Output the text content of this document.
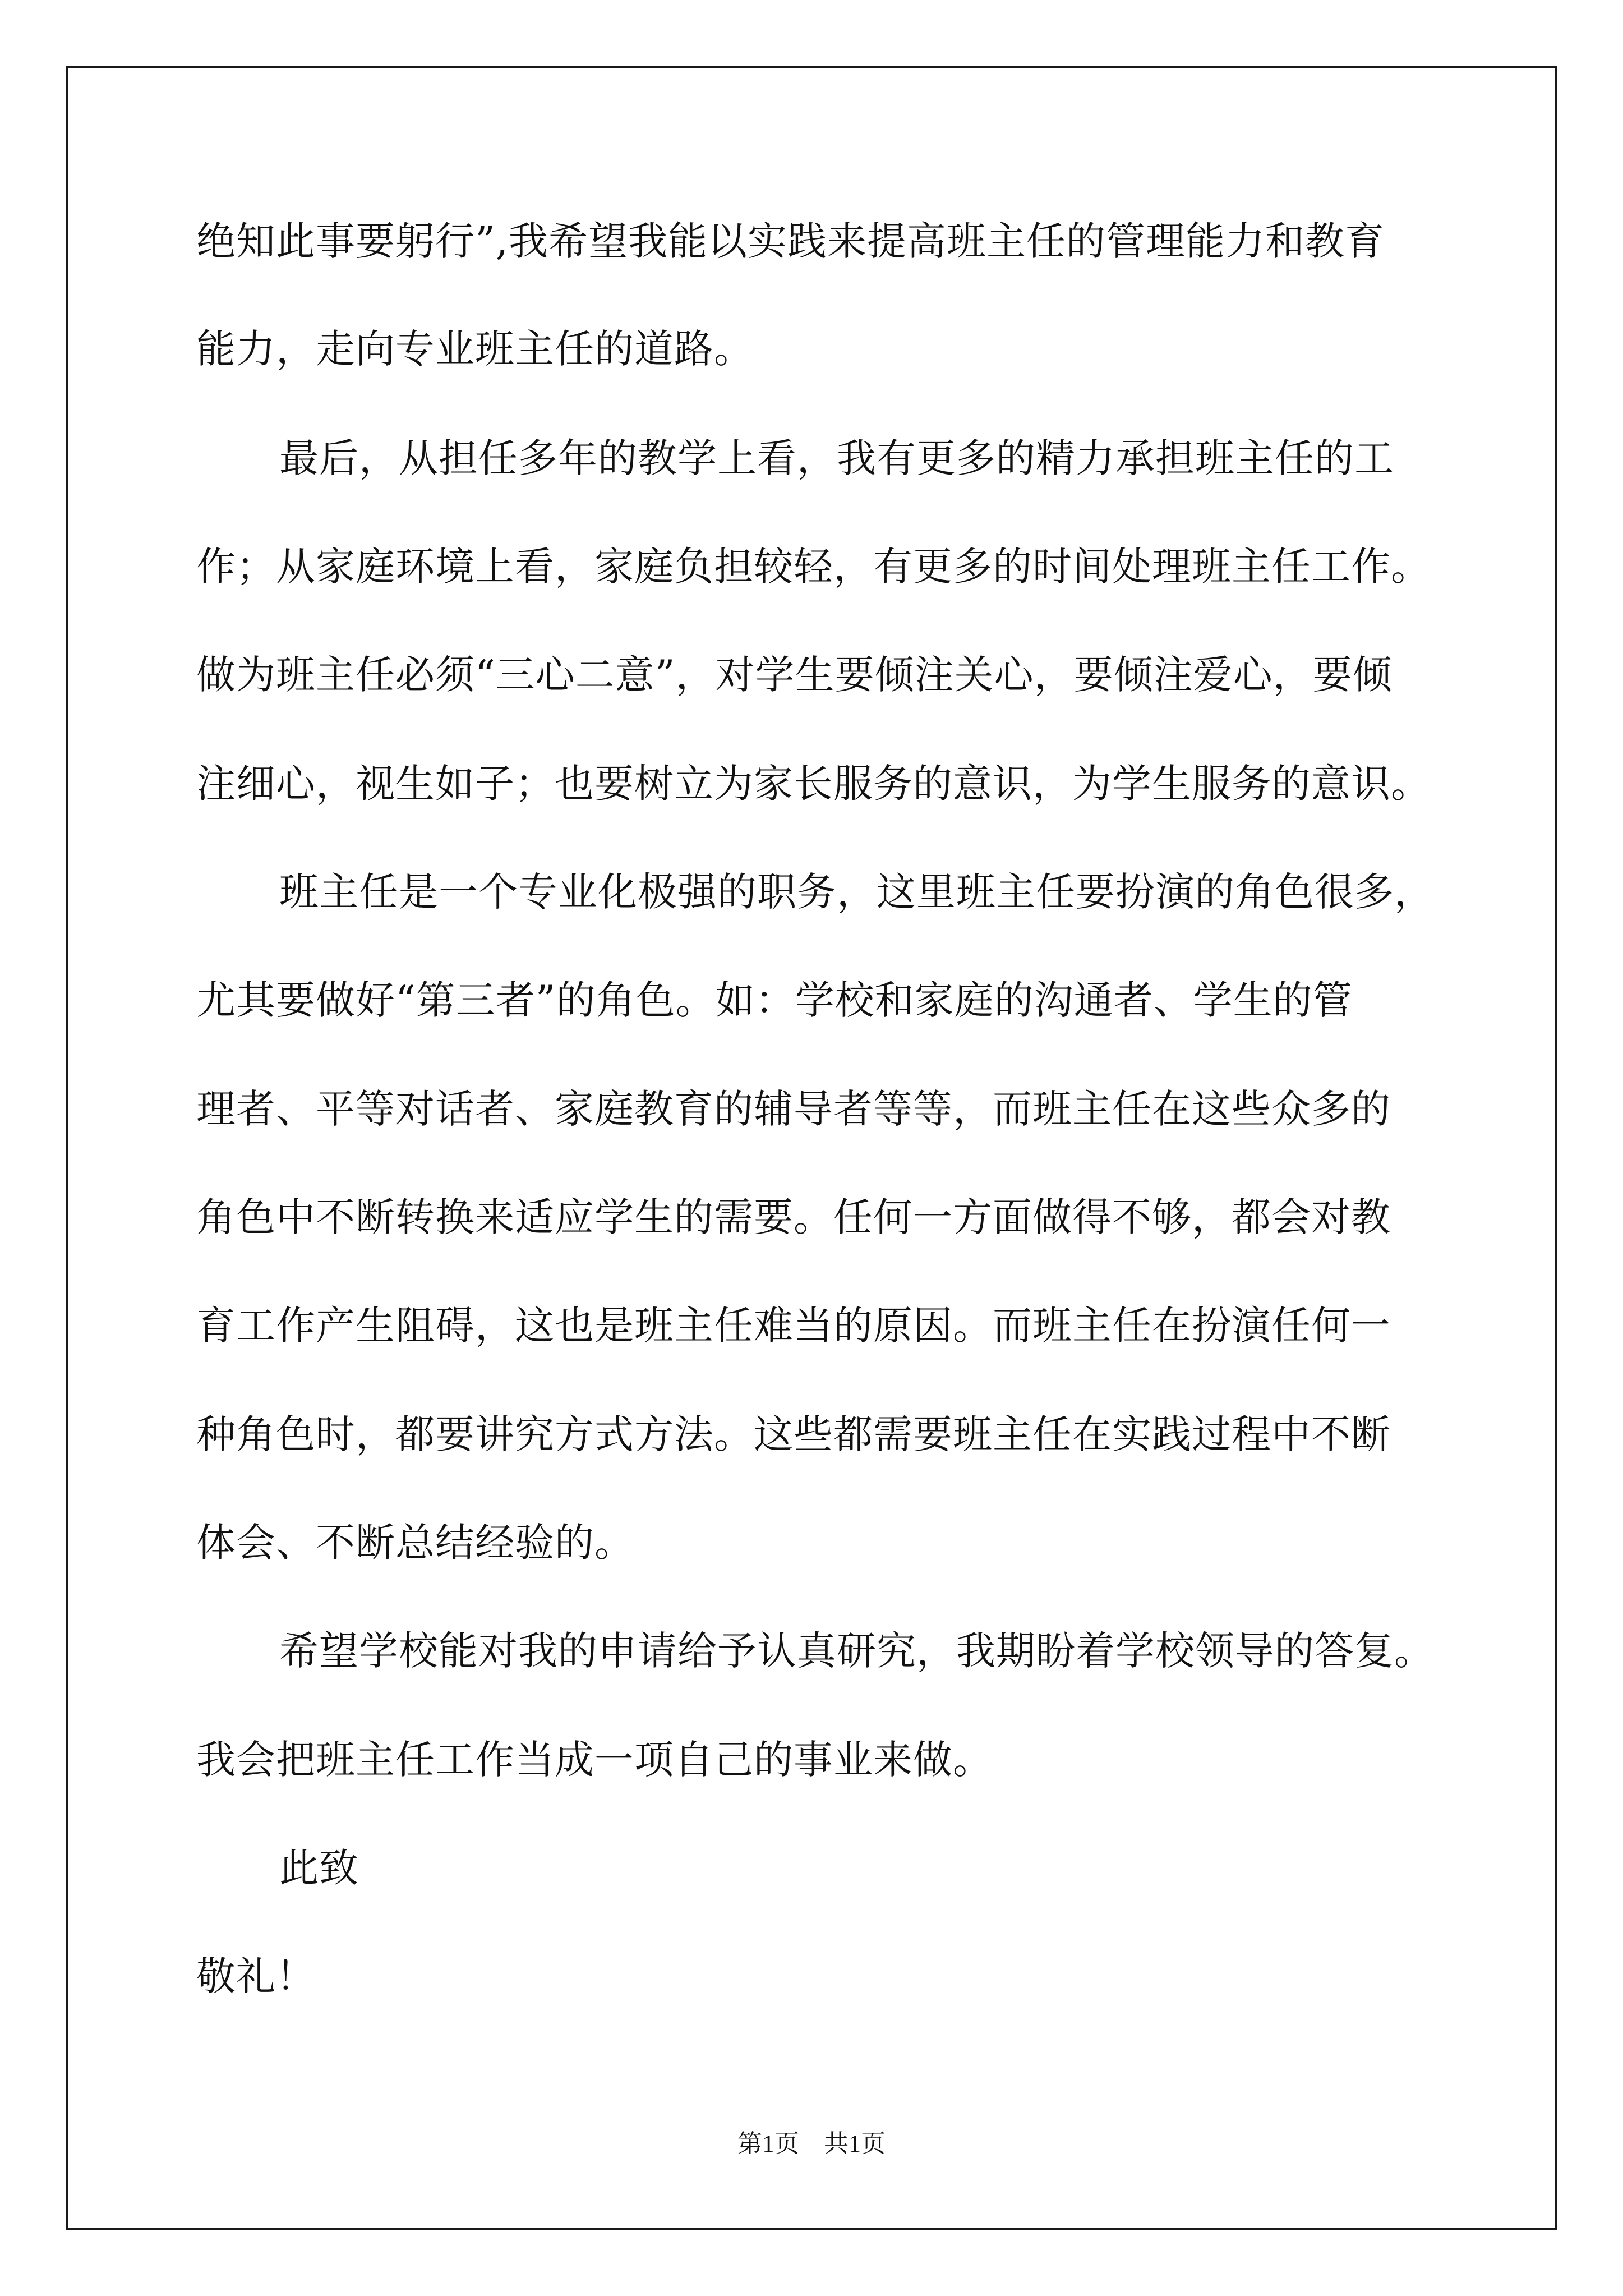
绝知此事要躬行”,我希望我能以实践来提高班主任的管理能力和教育
能力，走向专业班主任的道路。
最后，从担任多年的教学上看，我有更多的精力承担班主任的工
作；从家庭环境上看，家庭负担较轻，有更多的时间处理班主任工作。
做为班主任必须“三心二意”，对学生要倾注关心，要倾注爱心，要倾
注细心，视生如子；也要树立为家长服务的意识，为学生服务的意识。
班主任是一个专业化极强的职务，这里班主任要扮演的角色很多，
尤其要做好“第三者”的角色。如：学校和家庭的沟通者、学生的管
理者、平等对话者、家庭教育的辅导者等等，而班主任在这些众多的
角色中不断转换来适应学生的需要。任何一方面做得不够，都会对教
育工作产生阻碍，这也是班主任难当的原因。而班主任在扮演任何一
种角色时，都要讲究方式方法。这些都需要班主任在实践过程中不断
体会、不断总结经验的。
希望学校能对我的申请给予认真研究，我期盼着学校领导的答复。
我会把班主任工作当成一项自己的事业来做。
此致
敬礼！
第1页　共1页
